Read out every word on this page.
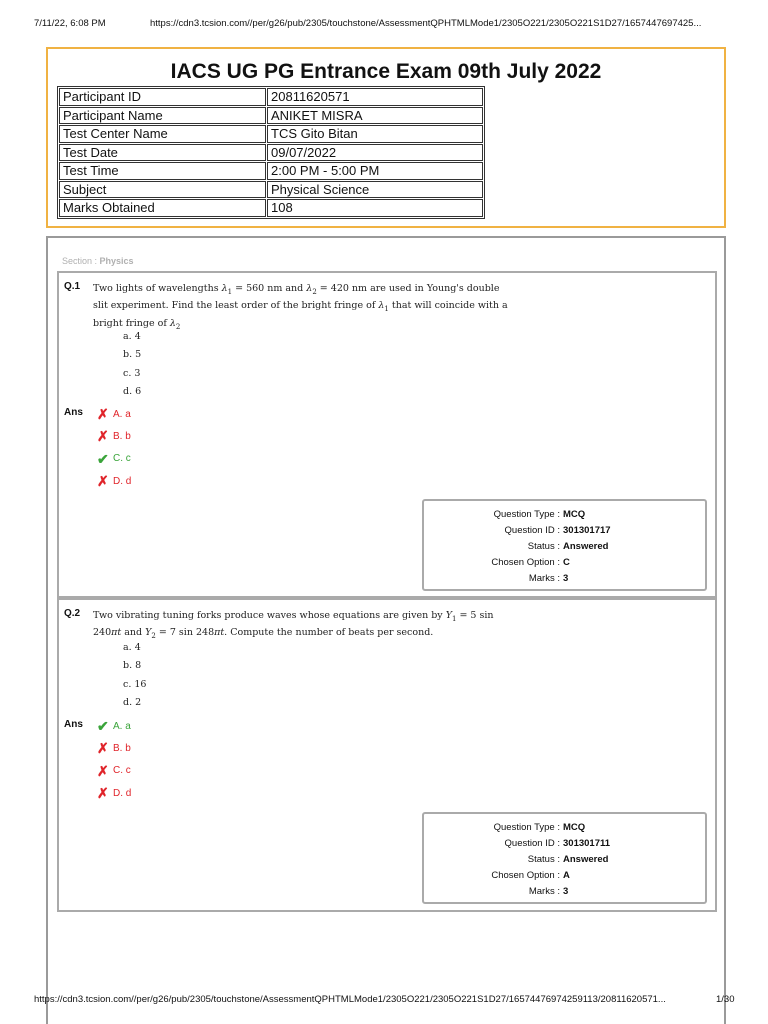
7/11/22, 6:08 PM	https://cdn3.tcsion.com//per/g26/pub/2305/touchstone/AssessmentQPHTMLMode1/2305O221/2305O221S1D27/1657447697425...
IACS UG PG Entrance Exam 09th July 2022
Participant ID	20811620571
Participant Name	ANIKET MISRA
Test Center Name	TCS Gito Bitan
Test Date	09/07/2022
Test Time	2:00 PM - 5:00 PM
Subject	Physical Science
Marks Obtained	108
Section : Physics
Q.1 Two lights of wavelengths $\lambda_1 = 560$ nm and $\lambda_2 = 420$ nm are used in Young's double slit experiment. Find the least order of the bright fringe of $\lambda_1$ that will coincide with a bright fringe of $\lambda_2$
a. 4
b. 5
c. 3
d. 6
Ans ✗ A. a
✗ B. b
✔ C. c
✗ D. d
Question Type :	MCQ
Question ID :	301301717
Status :	Answered
Chosen Option :	C
Marks :	3
Q.2 Two vibrating tuning forks produce waves whose equations are given by $Y_1 = 5$ sin 240πt and $Y_2 = 7$ sin 248πt. Compute the number of beats per second.
a. 4
b. 8
c. 16
d. 2
Ans ✔ A. a
✗ B. b
✗ C. c
✗ D. d
Question Type :	MCQ
Question ID :	301301711
Status :	Answered
Chosen Option :	A
Marks :	3
https://cdn3.tcsion.com//per/g26/pub/2305/touchstone/AssessmentQPHTMLMode1/2305O221/2305O221S1D27/16574476974259113/20811620571...	1/30
